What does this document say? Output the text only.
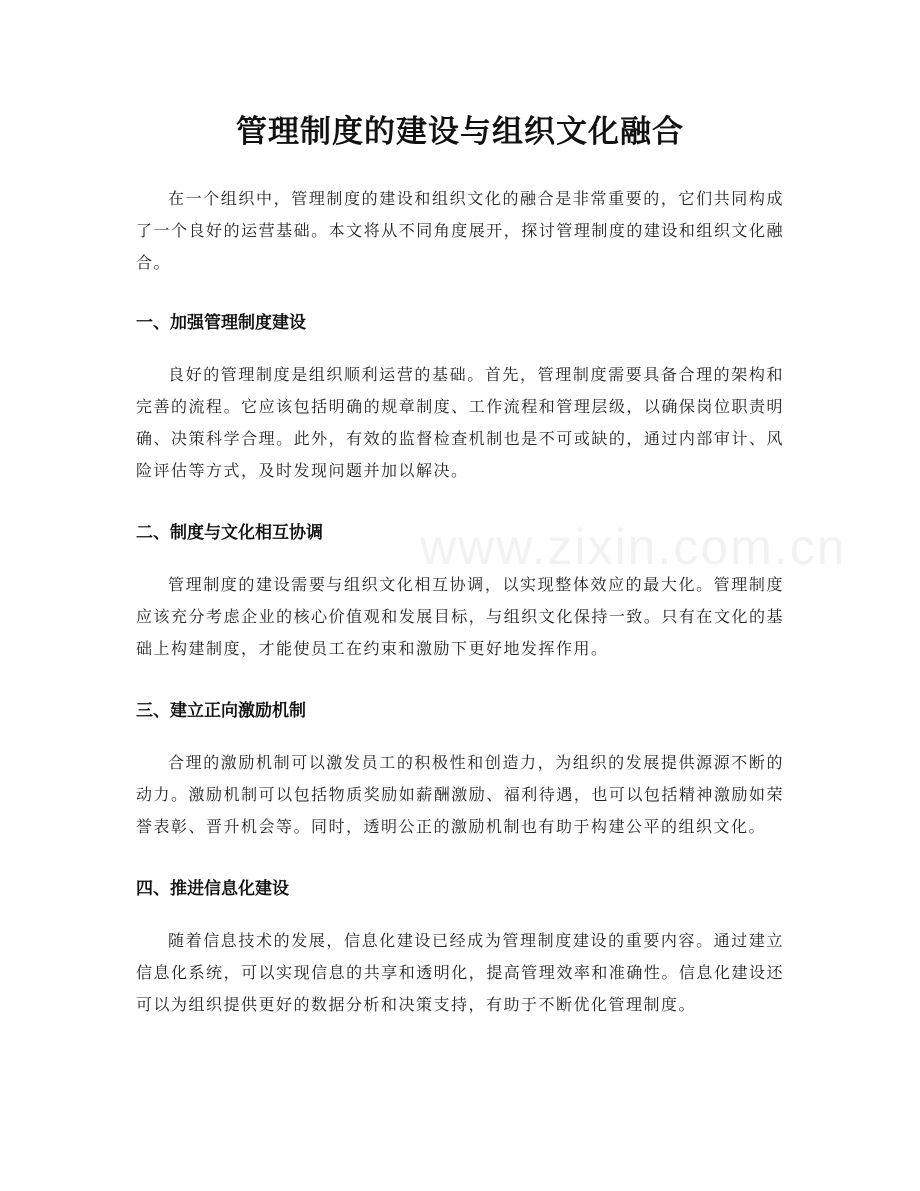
www.zixin.com.cn
管理制度的建设与组织文化融合

在一个组织中，管理制度的建设和组织文化的融合是非常重要的，它们共同构成了一个良好的运营基础。本文将从不同角度展开，探讨管理制度的建设和组织文化融合。

一、加强管理制度建设

良好的管理制度是组织顺利运营的基础。首先，管理制度需要具备合理的架构和完善的流程。它应该包括明确的规章制度、工作流程和管理层级，以确保岗位职责明确、决策科学合理。此外，有效的监督检查机制也是不可或缺的，通过内部审计、风险评估等方式，及时发现问题并加以解决。

二、制度与文化相互协调

管理制度的建设需要与组织文化相互协调，以实现整体效应的最大化。管理制度应该充分考虑企业的核心价值观和发展目标，与组织文化保持一致。只有在文化的基础上构建制度，才能使员工在约束和激励下更好地发挥作用。

三、建立正向激励机制

合理的激励机制可以激发员工的积极性和创造力，为组织的发展提供源源不断的动力。激励机制可以包括物质奖励如薪酬激励、福利待遇，也可以包括精神激励如荣誉表彰、晋升机会等。同时，透明公正的激励机制也有助于构建公平的组织文化。

四、推进信息化建设

随着信息技术的发展，信息化建设已经成为管理制度建设的重要内容。通过建立信息化系统，可以实现信息的共享和透明化，提高管理效率和准确性。信息化建设还可以为组织提供更好的数据分析和决策支持，有助于不断优化管理制度。
